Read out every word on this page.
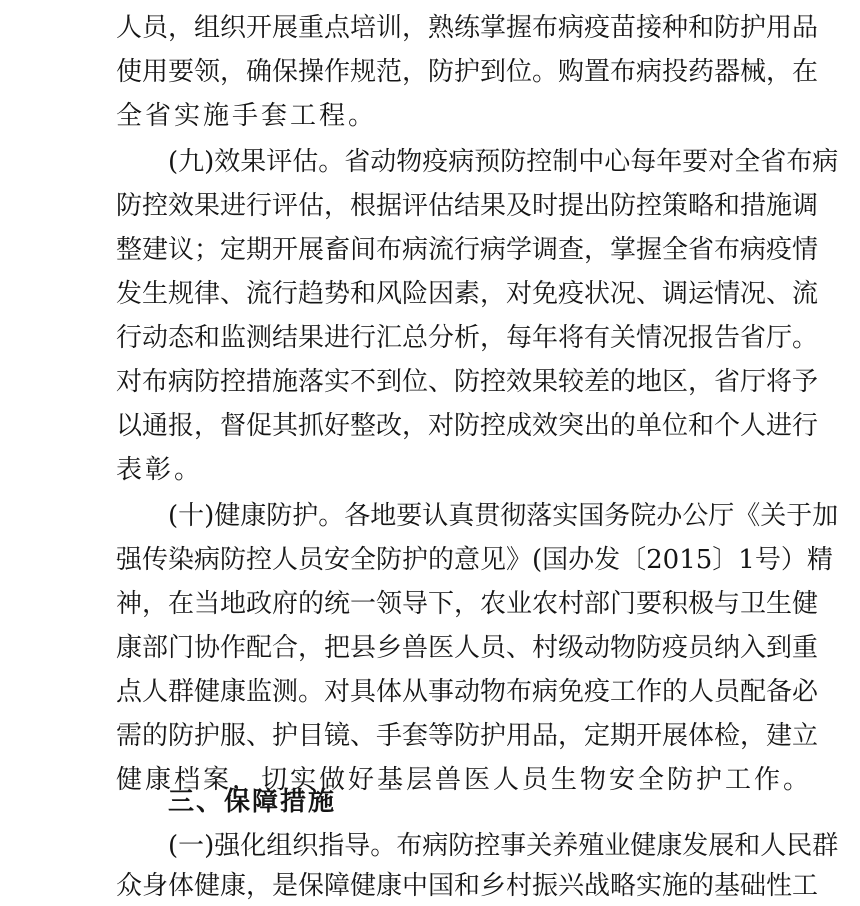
人员，组织开展重点培训，熟练掌握布病疫苗接种和防护用品
使用要领，确保操作规范，防护到位。购置布病投药器械，在
全省实施手套工程。
(九)效果评估。省动物疫病预防控制中心每年要对全省布病
防控效果进行评估，根据评估结果及时提出防控策略和措施调
整建议；定期开展畜间布病流行病学调查，掌握全省布病疫情
发生规律、流行趋势和风险因素，对免疫状况、调运情况、流
行动态和监测结果进行汇总分析，每年将有关情况报告省厅。
对布病防控措施落实不到位、防控效果较差的地区，省厅将予
以通报，督促其抓好整改，对防控成效突出的单位和个人进行
表彰。
(十)健康防护。各地要认真贯彻落实国务院办公厅《关于加
强传染病防控人员安全防护的意见》(国办发〔2015〕1号）精
神，在当地政府的统一领导下，农业农村部门要积极与卫生健
康部门协作配合，把县乡兽医人员、村级动物防疫员纳入到重
点人群健康监测。对具体从事动物布病免疫工作的人员配备必
需的防护服、护目镜、手套等防护用品，定期开展体检，建立
健康档案，切实做好基层兽医人员生物安全防护工作。
三、保障措施
(一)强化组织指导。布病防控事关养殖业健康发展和人民群
众身体健康，是保障健康中国和乡村振兴战略实施的基础性工
